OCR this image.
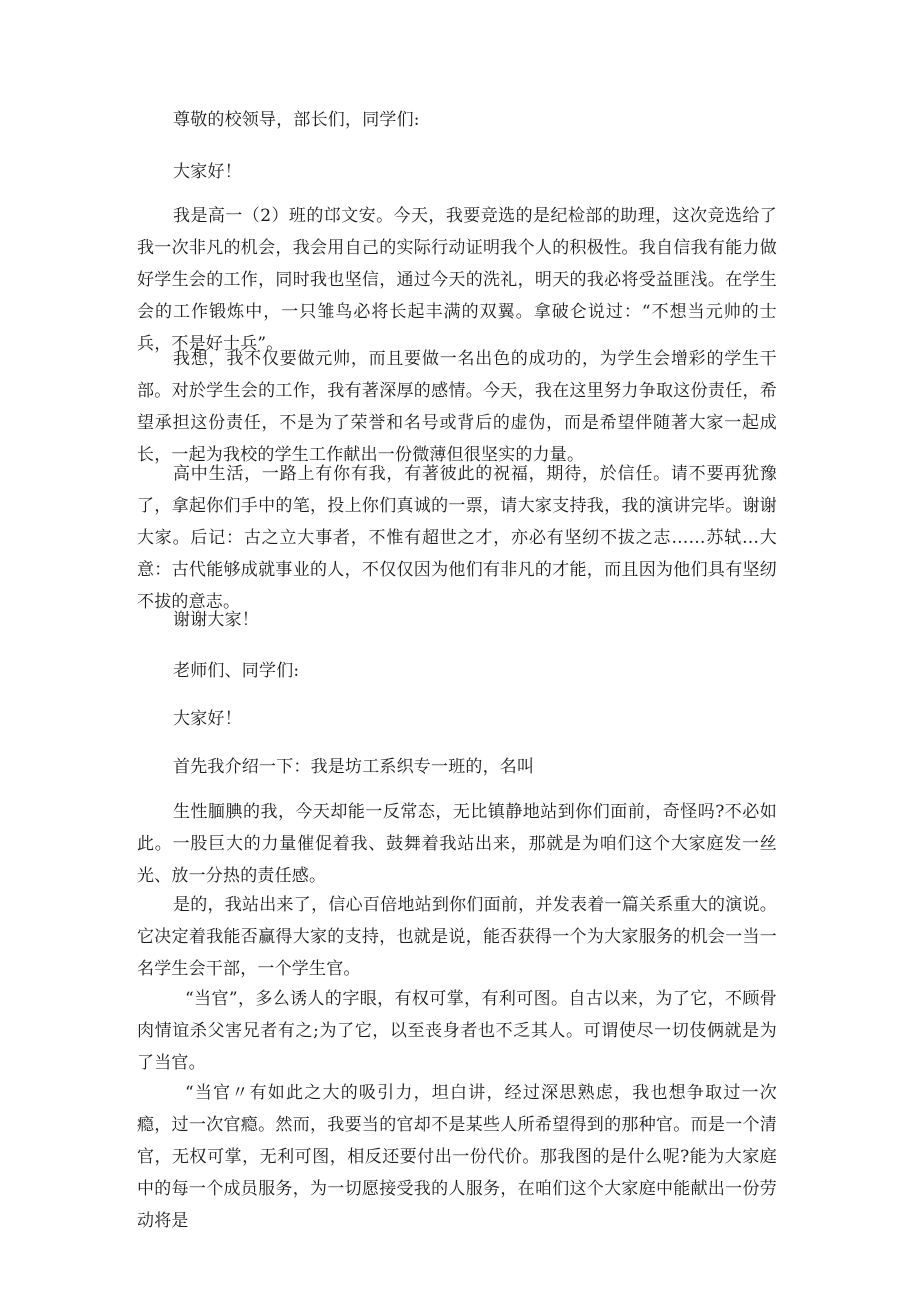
尊敬的校领导，部长们，同学们:

大家好！

我是高一（2）班的邙文安。今天，我要竞选的是纪检部的助理，这次竞选给了我一次非凡的机会，我会用自己的实际行动证明我个人的积极性。我自信我有能力做好学生会的工作，同时我也坚信，通过今天的洗礼，明天的我必将受益匪浅。在学生会的工作锻炼中，一只雏鸟必将长起丰满的双翼。拿破仑说过：“不想当元帅的士兵，不是好士兵”。

我想，我不仅要做元帅，而且要做一名出色的成功的，为学生会增彩的学生干部。对於学生会的工作，我有著深厚的感情。今天，我在这里努力争取这份责任，希望承担这份责任，不是为了荣誉和名号或背后的虚伪，而是希望伴随著大家一起成长，一起为我校的学生工作献出一份微薄但很坚实的力量。

高中生活，一路上有你有我，有著彼此的祝福，期待，於信任。请不要再犹豫了，拿起你们手中的笔，投上你们真诚的一票，请大家支持我，我的演讲完毕。谢谢大家。后记：古之立大事者，不惟有超世之才，亦必有坚纫不拔之志……苏轼…大意：古代能够成就事业的人，不仅仅因为他们有非凡的才能，而且因为他们具有坚纫不拔的意志。

谢谢大家！

老师们、同学们:

大家好！

首先我介绍一下：我是坊工系织专一班的，名叫

生性腼腆的我，今天却能一反常态，无比镇静地站到你们面前，奇怪吗?不必如此。一股巨大的力量催促着我、鼓舞着我站出来，那就是为咱们这个大家庭发一丝光、放一分热的责任感。

是的，我站出来了，信心百倍地站到你们面前，并发表着一篇关系重大的演说。它决定着我能否赢得大家的支持，也就是说，能否获得一个为大家服务的机会一当一名学生会干部，一个学生官。

“当官”，多么诱人的字眼，有权可掌，有利可图。自古以来，为了它，不顾骨肉情谊杀父害兄者有之;为了它，以至丧身者也不乏其人。可谓使尽一切伎俩就是为了当官。

“当官〃有如此之大的吸引力，坦白讲，经过深思熟虑，我也想争取过一次瘾，过一次官瘾。然而，我要当的官却不是某些人所希望得到的那种官。而是一个清官，无权可掌，无利可图，相反还要付出一份代价。那我图的是什么呢?能为大家庭中的每一个成员服务，为一切愿接受我的人服务，在咱们这个大家庭中能献出一份劳动将是
